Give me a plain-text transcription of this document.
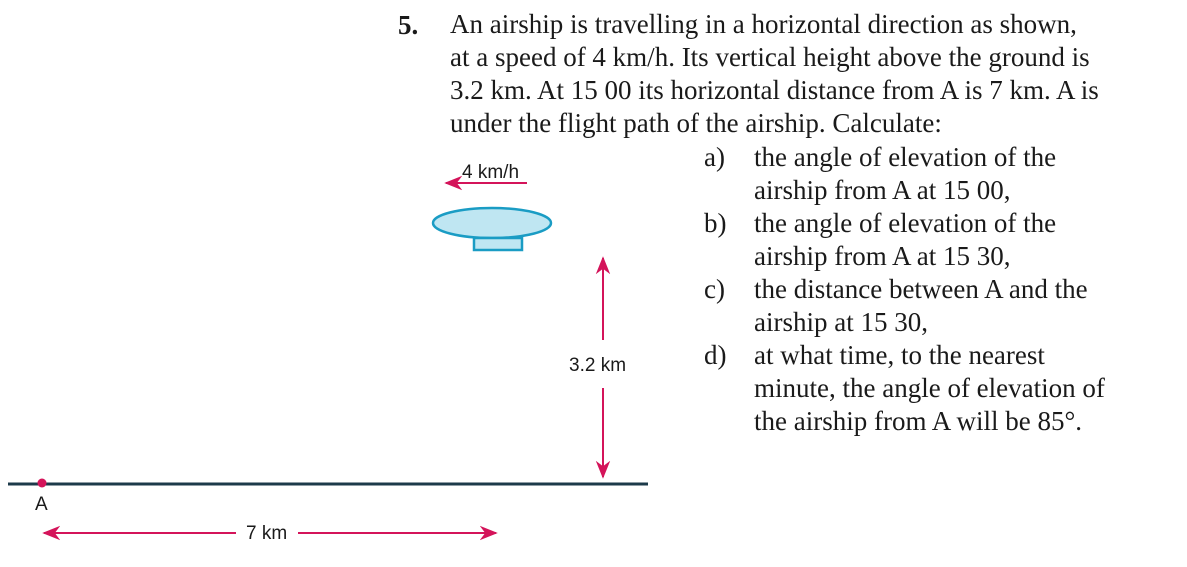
5. An airship is travelling in a horizontal direction as shown,
at a speed of 4 km/h. Its vertical height above the ground is
3.2 km. At 15 00 its horizontal distance from A is 7 km. A is
under the flight path of the airship. Calculate:
a) the angle of elevation of the
airship from A at 15 00,
b) the angle of elevation of the
airship from A at 15 30,
c) the distance between A and the
airship at 15 30,
d) at what time, to the nearest
minute, the angle of elevation of
the airship from A will be 85°.
4 km/h
3.2 km
A
7 km
